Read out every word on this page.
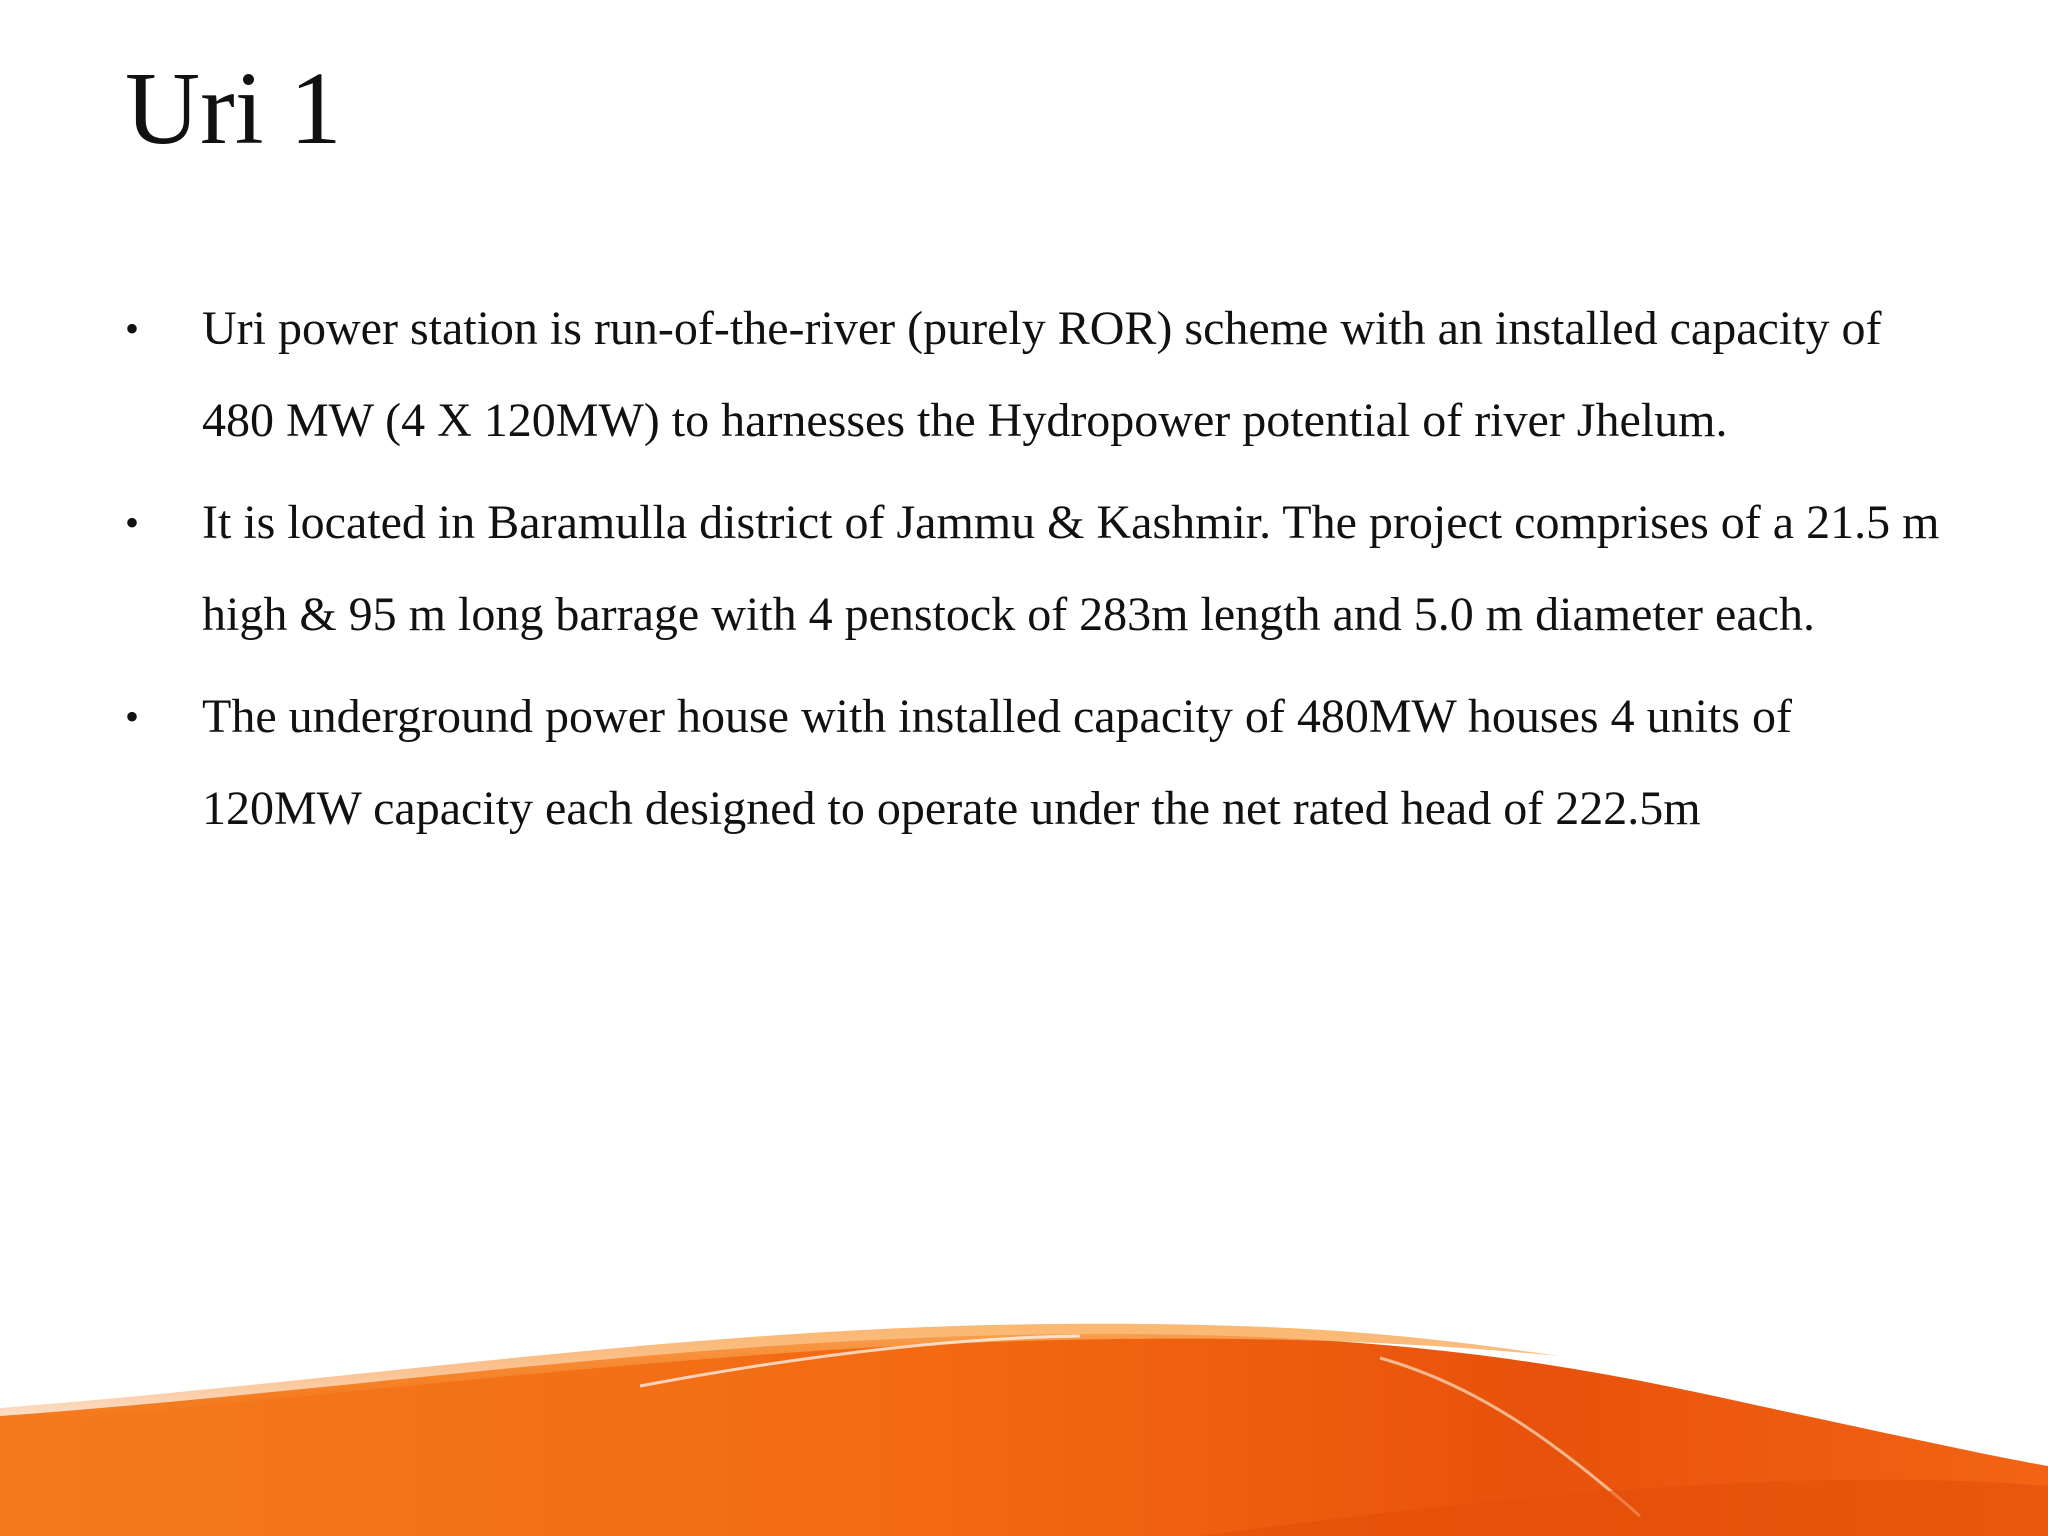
Uri 1
•	Uri power station is run-of-the-river (purely ROR) scheme with an installed capacity of 480 MW (4 X 120MW) to harnesses the Hydropower potential of river Jhelum.
•	It is located in Baramulla district of Jammu & Kashmir. The project comprises of a 21.5 m high & 95 m long barrage with 4 penstock of 283m length and 5.0 m diameter each.
•	The underground power house with installed capacity of 480MW houses 4 units of 120MW capacity each designed to operate under the net rated head of 222.5m
